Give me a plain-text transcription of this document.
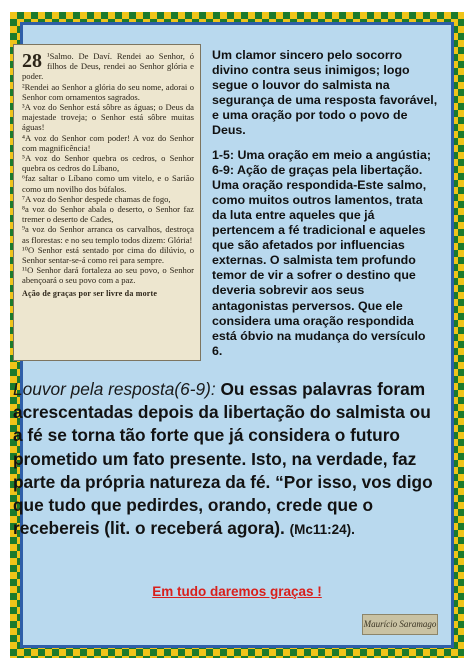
28 ¹Salmo. De Daví. Rendei ao Senhor, ó filhos de Deus, rendei ao Senhor glória e poder.

²Rendei ao Senhor a glória do seu nome, adorai o Senhor com ornamentos sagrados.

³A voz do Senhor está sôbre as águas; o Deus da majestade troveja; o Senhor está sôbre muitas águas!

⁴A voz do Senhor com poder! A voz do Senhor com magnificência!

⁵A voz do Senhor quebra os cedros, o Senhor quebra os cedros do Líbano,

⁶faz saltar o Líbano como um vitelo, e o Sarião como um novilho dos búfalos.

⁷A voz do Senhor despede chamas de fogo,

⁸a voz do Senhor abala o deserto, o Senhor faz tremer o deserto de Cades,

⁹a voz do Senhor arranca os carvalhos, destroça as florestas: e no seu templo todos dizem: Glória!

¹⁰O Senhor está sentado por cima do dilúvio, o Senhor sentar-se-á como rei para sempre.

¹¹O Senhor dará fortaleza ao seu povo, o Senhor abençoará o seu povo com a paz.

Ação de graças por ser livre da morte

Um clamor sincero pelo socorro divino contra seus inimigos; logo segue o louvor do salmista na segurança de uma resposta favorável, e uma oração por todo o povo de Deus.

1-5: Uma oração em meio a angústia; 6-9: Ação de graças pela libertação. Uma oração respondida-Este salmo, como muitos outros lamentos, trata da luta entre aqueles que já pertencem a fé tradicional e aqueles que são afetados por influencias externas. O salmista tem profundo temor de vir a sofrer o destino que deveria sobrevir aos seus antagonistas perversos. Que ele considera uma oração respondida está óbvio na mudança do versículo 6.

Louvor pela resposta(6-9): Ou essas palavras foram acrescentadas depois da libertação do salmista ou a fé se torna tão forte que já considera o futuro prometido um fato presente. Isto, na verdade, faz parte da própria natureza da fé. “Por isso, vos digo que tudo que pedirdes, orando, crede que o recebereis (lit. o receberá agora). (Mc11:24).
Em tudo daremos graças !
Maurício Saramago
